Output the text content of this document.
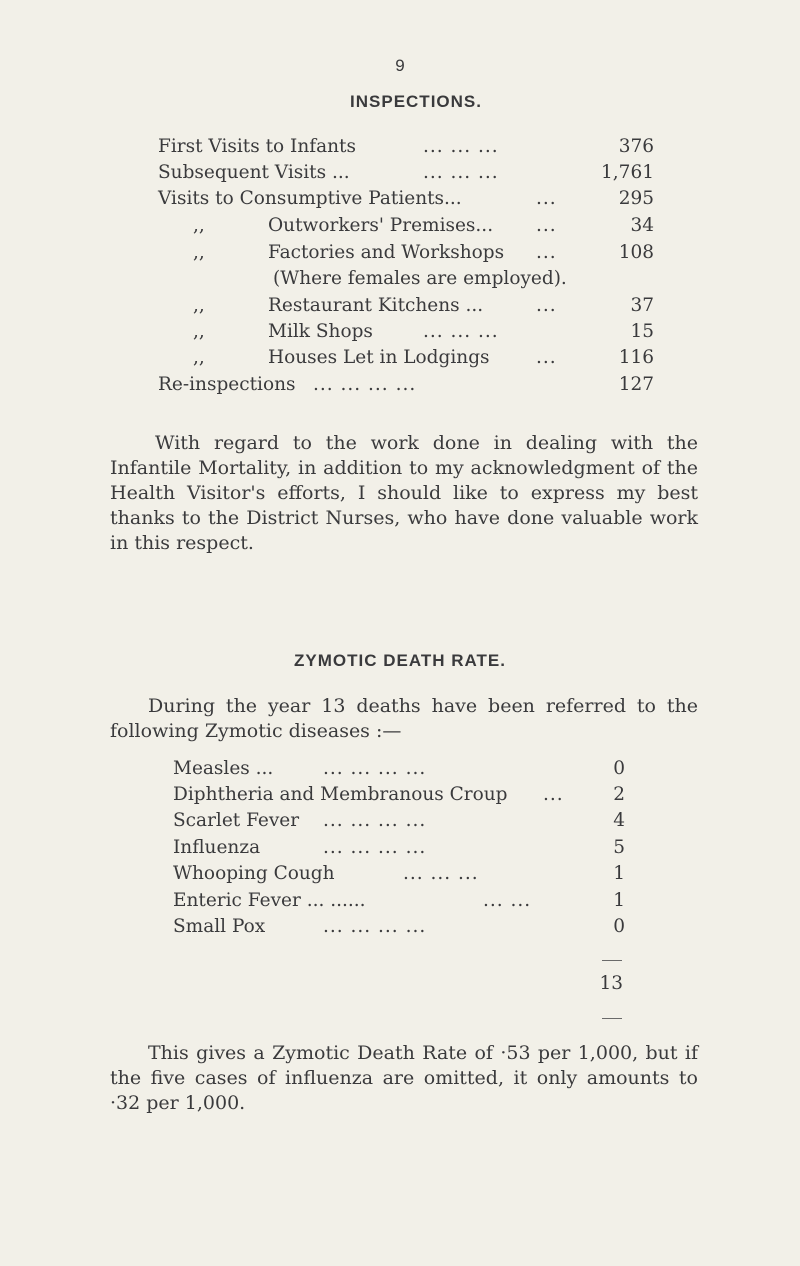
9
INSPECTIONS.
First Visits to Infants	... ... ...	376
Subsequent Visits ...	... ... ...	1,761
Visits to Consumptive Patients...	...	295
,,	Outworkers' Premises... ...	34
,,	Factories and Workshops ...	108
(Where females are employed).
,,	Restaurant Kitchens ...	...	37
,,	Milk Shops	... ... ...	15
,,	Houses Let in Lodgings	...	116
Re-inspections ... ... ... ...	127

With regard to the work done in dealing with the Infantile Mortality, in addition to my acknowledgment of the Health Visitor's efforts, I should like to express my best thanks to the District Nurses, who have done valuable work in this respect.

ZYMOTIC DEATH RATE.

During the year 13 deaths have been referred to the following Zymotic diseases :—

Measles ...	... ... ... ...	0
Diphtheria and Membranous Croup ...	2
Scarlet Fever ... ... ... ...	4
Influenza	... ... ... ...	5
Whooping Cough	... ... ...	1
Enteric Fever ... ......	... ...	1
Small Pox	... ... ... ...	0
13

This gives a Zymotic Death Rate of ·53 per 1,000, but if the five cases of influenza are omitted, it only amounts to ·32 per 1,000.
